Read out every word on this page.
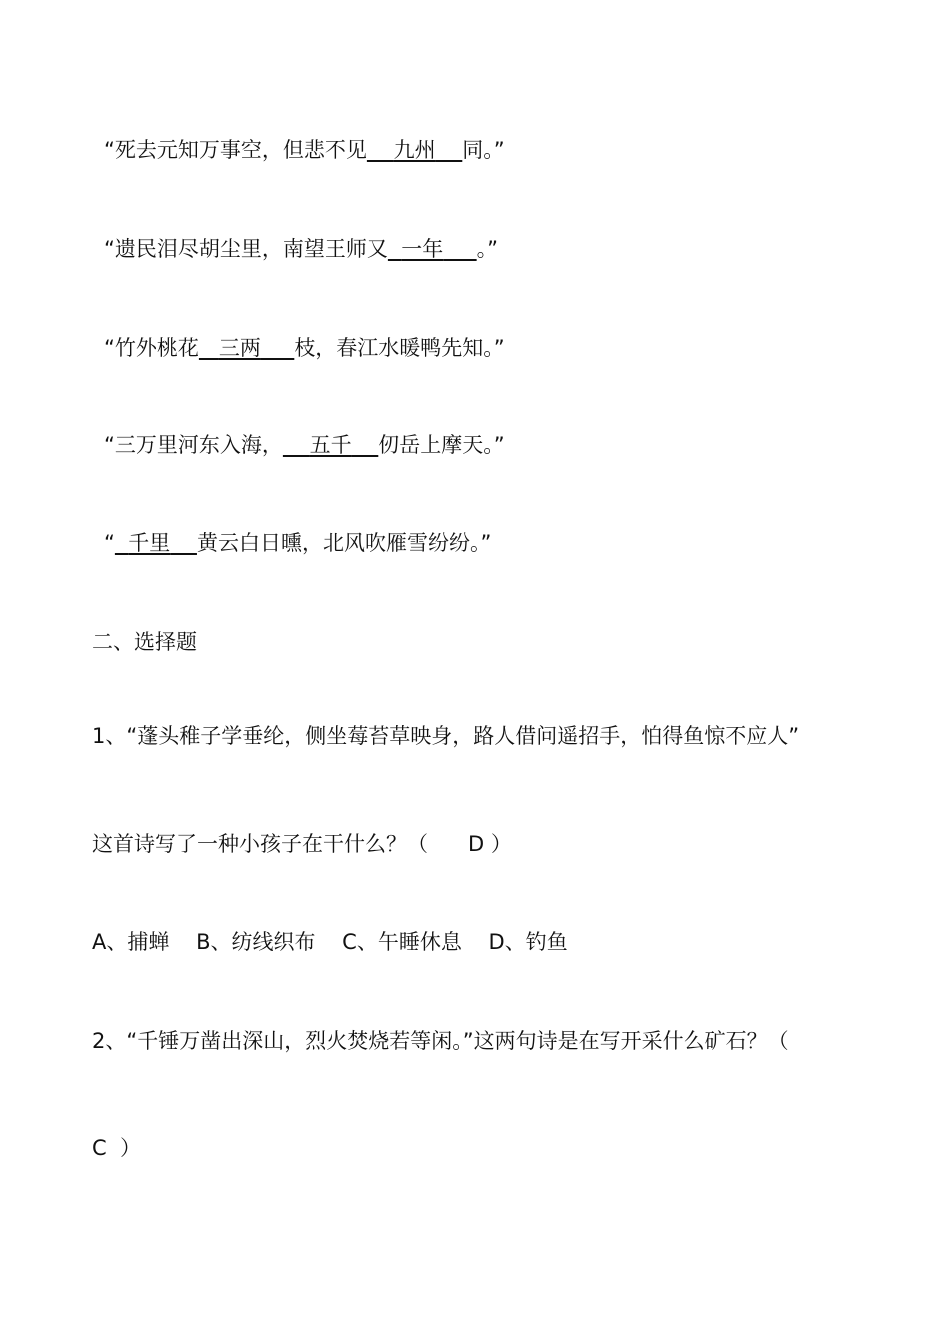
“死去元知万事空，但悲不见 九州 同。”
“遗民泪尽胡尘里，南望王师又 一年 。”
“竹外桃花 三两 枝，春江水暖鸭先知。”
“三万里河东入海， 五千 仞岳上摩天。”
“ 千里 黄云白日曛，北风吹雁雪纷纷。”
二、选择题
1、“蓬头稚子学垂纶，侧坐莓苔草映身，路人借问遥招手，怕得鱼惊不应人”
这首诗写了一种小孩子在干什么？（      D ）
A、捕蝉    B、纺线织布    C、午睡休息    D、钓鱼
2、“千锤万凿出深山，烈火焚烧若等闲。”这两句诗是在写开采什么矿石？（
C  ）
